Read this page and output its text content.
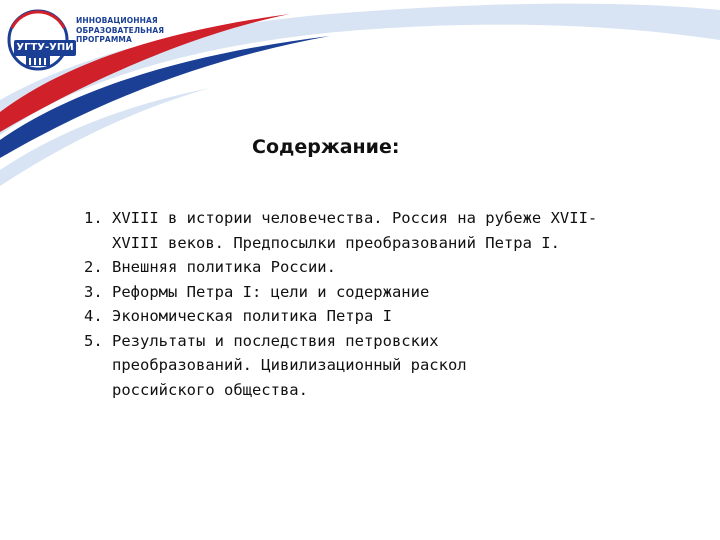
УГТУ-УПИ
ИННОВАЦИОННАЯ
ОБРАЗОВАТЕЛЬНАЯ
ПРОГРАММА
Содержание:
1. XVIII в истории человечества. Россия на рубеже XVII-
XVIII веков. Предпосылки преобразований Петра I.
2. Внешняя политика России.
3. Реформы Петра I: цели и содержание
4. Экономическая политика Петра I
5. Результаты и последствия петровских
преобразований. Цивилизационный раскол
российского общества.
